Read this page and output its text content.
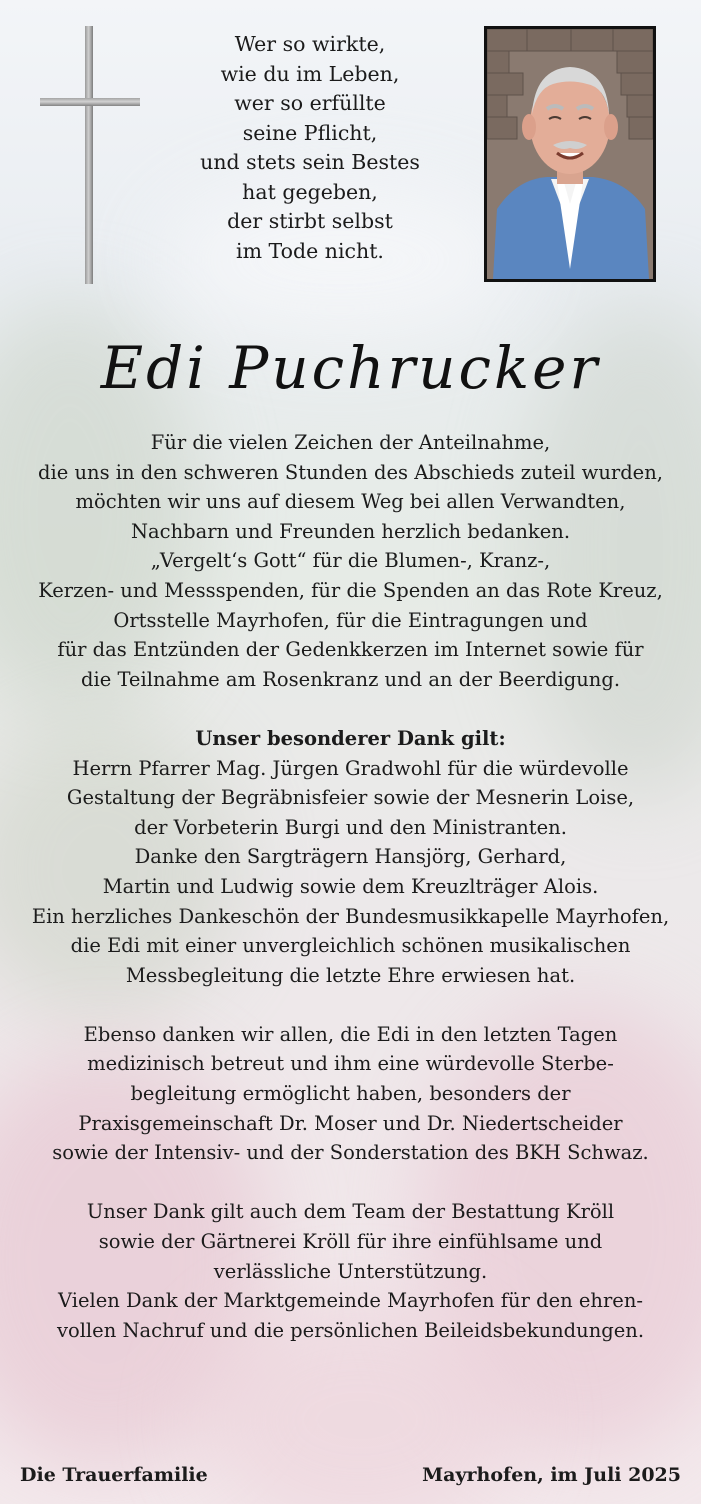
Wer so wirkte,
wie du im Leben,
wer so erfüllte
seine Pflicht,
und stets sein Bestes
hat gegeben,
der stirbt selbst
im Tode nicht.
Edi Puchrucker
Für die vielen Zeichen der Anteilnahme,
die uns in den schweren Stunden des Abschieds zuteil wurden,
möchten wir uns auf diesem Weg bei allen Verwandten,
Nachbarn und Freunden herzlich bedanken.
„Vergelt‘s Gott“ für die Blumen-, Kranz-,
Kerzen- und Messspenden, für die Spenden an das Rote Kreuz,
Ortsstelle Mayrhofen, für die Eintragungen und
für das Entzünden der Gedenkkerzen im Internet sowie für
die Teilnahme am Rosenkranz und an der Beerdigung.
Unser besonderer Dank gilt:
Herrn Pfarrer Mag. Jürgen Gradwohl für die würdevolle
Gestaltung der Begräbnisfeier sowie der Mesnerin Loise,
der Vorbeterin Burgi und den Ministranten.
Danke den Sargträgern Hansjörg, Gerhard,
Martin und Ludwig sowie dem Kreuzlträger Alois.
Ein herzliches Dankeschön der Bundesmusikkapelle Mayrhofen,
die Edi mit einer unvergleichlich schönen musikalischen
Messbegleitung die letzte Ehre erwiesen hat.
Ebenso danken wir allen, die Edi in den letzten Tagen
medizinisch betreut und ihm eine würdevolle Sterbe-
begleitung ermöglicht haben, besonders der
Praxisgemeinschaft Dr. Moser und Dr. Niedertscheider
sowie der Intensiv- und der Sonderstation des BKH Schwaz.
Unser Dank gilt auch dem Team der Bestattung Kröll
sowie der Gärtnerei Kröll für ihre einfühlsame und
verlässliche Unterstützung.
Vielen Dank der Marktgemeinde Mayrhofen für den ehren-
vollen Nachruf und die persönlichen Beileidsbekundungen.
Die Trauerfamilie	Mayrhofen, im Juli 2025
